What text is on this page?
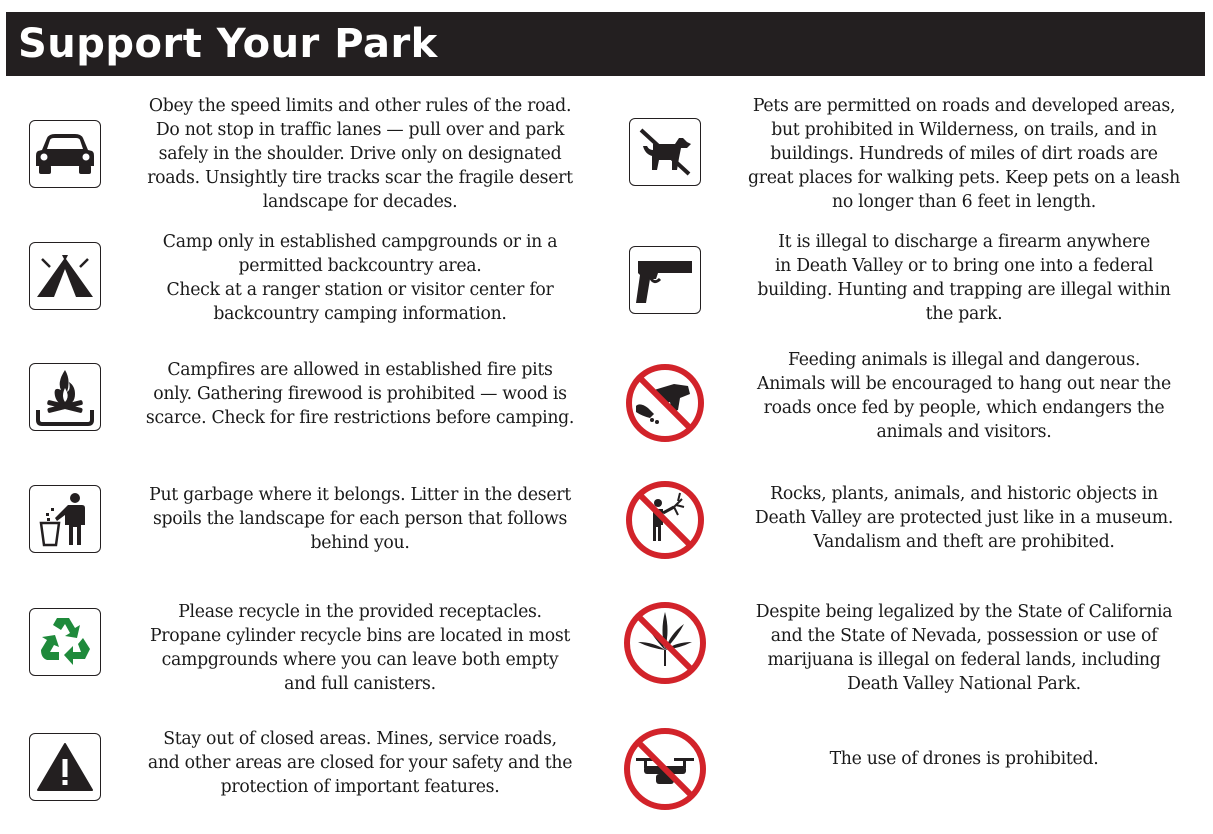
Support Your Park
Obey the speed limits and other rules of the road.
Do not stop in traffic lanes — pull over and park
safely in the shoulder. Drive only on designated
roads. Unsightly tire tracks scar the fragile desert
landscape for decades.
Camp only in established campgrounds or in a
permitted backcountry area.
Check at a ranger station or visitor center for
backcountry camping information.
Campfires are allowed in established fire pits
only. Gathering firewood is prohibited — wood is
scarce. Check for fire restrictions before camping.
Put garbage where it belongs. Litter in the desert
spoils the landscape for each person that follows
behind you.
Please recycle in the provided receptacles.
Propane cylinder recycle bins are located in most
campgrounds where you can leave both empty
and full canisters.
Stay out of closed areas. Mines, service roads,
and other areas are closed for your safety and the
protection of important features.
Pets are permitted on roads and developed areas,
but prohibited in Wilderness, on trails, and in
buildings. Hundreds of miles of dirt roads are
great places for walking pets. Keep pets on a leash
no longer than 6 feet in length.
It is illegal to discharge a firearm anywhere
in Death Valley or to bring one into a federal
building. Hunting and trapping are illegal within
the park.
Feeding animals is illegal and dangerous.
Animals will be encouraged to hang out near the
roads once fed by people, which endangers the
animals and visitors.
Rocks, plants, animals, and historic objects in
Death Valley are protected just like in a museum.
Vandalism and theft are prohibited.
Despite being legalized by the State of California
and the State of Nevada, possession or use of
marijuana is illegal on federal lands, including
Death Valley National Park.
The use of drones is prohibited.
